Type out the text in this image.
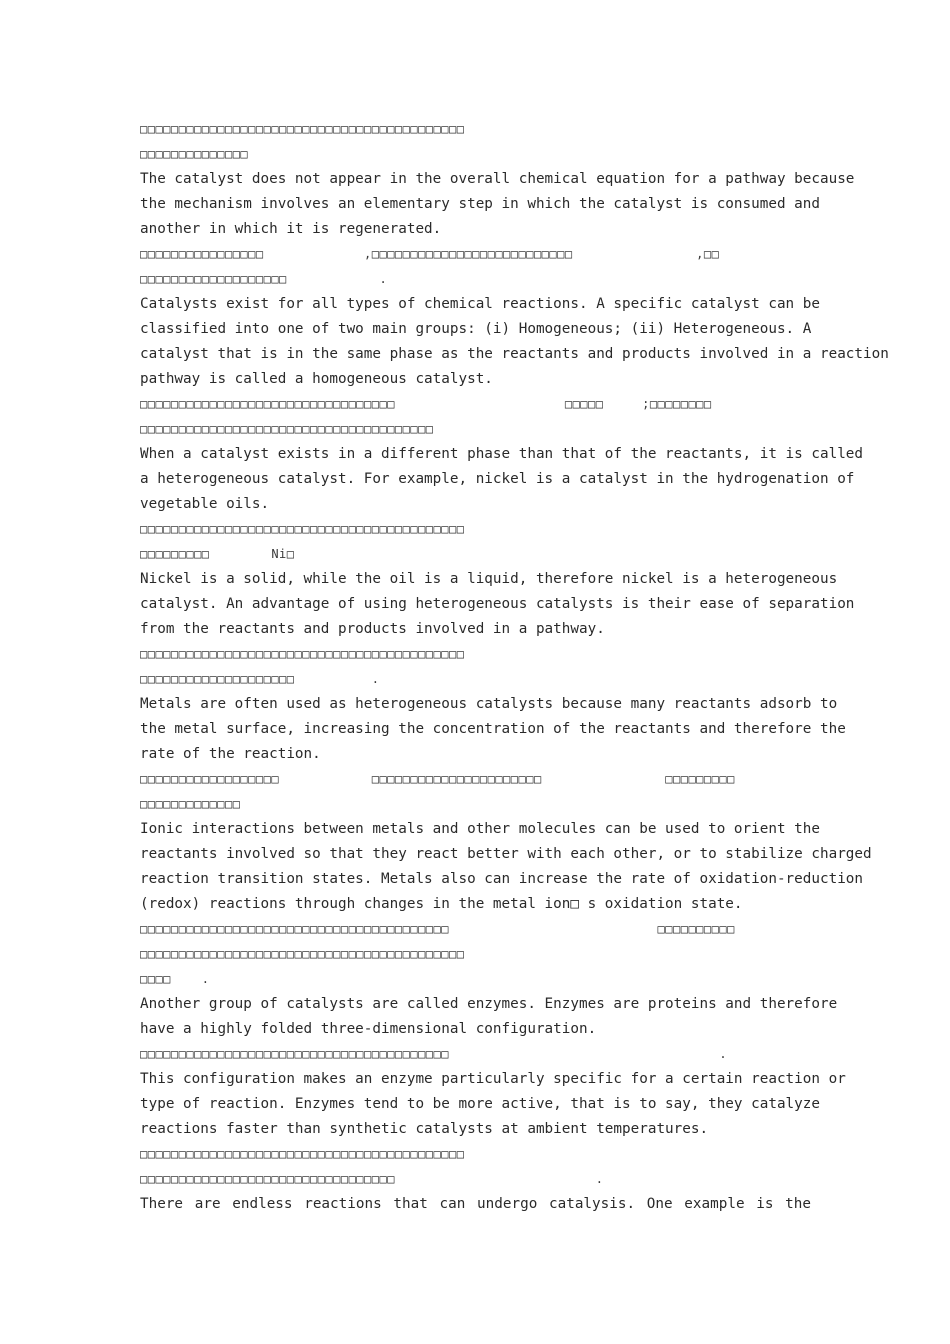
□□□□□□□□□□□□□□□□□□□□□□□□□□□□□□□□□□□□□□□□□□
□□□□□□□□□□□□□□
The catalyst does not appear in the overall chemical equation for a pathway because
the mechanism involves an elementary step in which the catalyst is consumed and
another in which it is regenerated.
□□□□□□□□□□□□□□□□             ,□□□□□□□□□□□□□□□□□□□□□□□□□□                ,□□
□□□□□□□□□□□□□□□□□□□            .
Catalysts exist for all types of chemical reactions. A specific catalyst can be
classified into one of two main groups: (i) Homogeneous; (ii) Heterogeneous. A
catalyst that is in the same phase as the reactants and products involved in a reaction
pathway is called a homogeneous catalyst.
□□□□□□□□□□□□□□□□□□□□□□□□□□□□□□□□□                      □□□□□     ;□□□□□□□□
□□□□□□□□□□□□□□□□□□□□□□□□□□□□□□□□□□□□□□
When a catalyst exists in a different phase than that of the reactants, it is called
a heterogeneous catalyst. For example, nickel is a catalyst in the hydrogenation of
vegetable oils.
□□□□□□□□□□□□□□□□□□□□□□□□□□□□□□□□□□□□□□□□□□
□□□□□□□□□        Ni□
Nickel is a solid, while the oil is a liquid, therefore nickel is a heterogeneous
catalyst. An advantage of using heterogeneous catalysts is their ease of separation
from the reactants and products involved in a pathway.
□□□□□□□□□□□□□□□□□□□□□□□□□□□□□□□□□□□□□□□□□□
□□□□□□□□□□□□□□□□□□□□          .
Metals are often used as heterogeneous catalysts because many reactants adsorb to
the metal surface, increasing the concentration of the reactants and therefore the
rate of the reaction.
□□□□□□□□□□□□□□□□□□            □□□□□□□□□□□□□□□□□□□□□□                □□□□□□□□□
□□□□□□□□□□□□□
Ionic interactions between metals and other molecules can be used to orient the
reactants involved so that they react better with each other, or to stabilize charged
reaction transition states. Metals also can increase the rate of oxidation-reduction
(redox) reactions through changes in the metal ion□ s oxidation state.
□□□□□□□□□□□□□□□□□□□□□□□□□□□□□□□□□□□□□□□□                           □□□□□□□□□□
□□□□□□□□□□□□□□□□□□□□□□□□□□□□□□□□□□□□□□□□□□
□□□□    .
Another group of catalysts are called enzymes. Enzymes are proteins and therefore
have a highly folded three-dimensional configuration.
□□□□□□□□□□□□□□□□□□□□□□□□□□□□□□□□□□□□□□□□                                   .
This configuration makes an enzyme particularly specific for a certain reaction or
type of reaction. Enzymes tend to be more active, that is to say, they catalyze
reactions faster than synthetic catalysts at ambient temperatures.
□□□□□□□□□□□□□□□□□□□□□□□□□□□□□□□□□□□□□□□□□□
□□□□□□□□□□□□□□□□□□□□□□□□□□□□□□□□□                          .
There are endless reactions that can undergo catalysis. One example is the
